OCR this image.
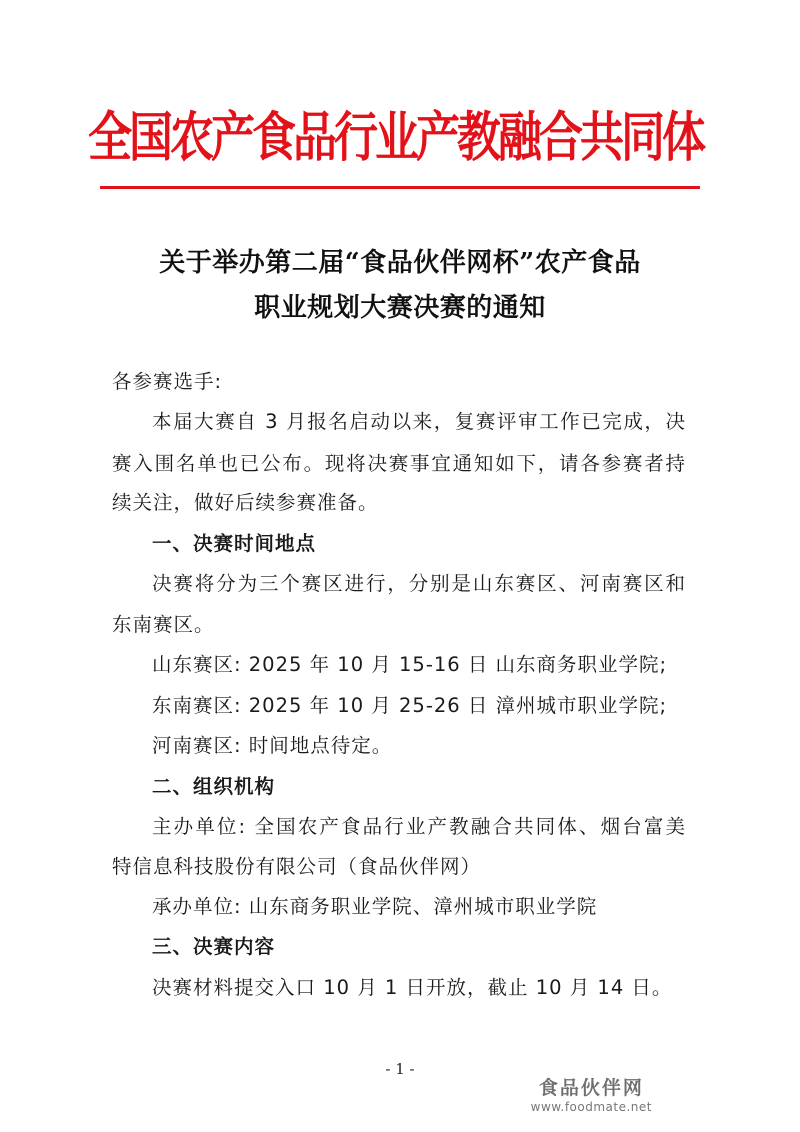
全国农产食品行业产教融合共同体
关于举办第二届“食品伙伴网杯”农产食品
职业规划大赛决赛的通知
各参赛选手:
本届大赛自 3 月报名启动以来，复赛评审工作已完成，决
赛入围名单也已公布。现将决赛事宜通知如下，请各参赛者持
续关注，做好后续参赛准备。
一、决赛时间地点
决赛将分为三个赛区进行，分别是山东赛区、河南赛区和
东南赛区。
山东赛区: 2025 年 10 月 15-16 日 山东商务职业学院;
东南赛区: 2025 年 10 月 25-26 日 漳州城市职业学院;
河南赛区: 时间地点待定。
二、组织机构
主办单位: 全国农产食品行业产教融合共同体、烟台富美
特信息科技股份有限公司（食品伙伴网）
承办单位: 山东商务职业学院、漳州城市职业学院
三、决赛内容
决赛材料提交入口 10 月 1 日开放，截止 10 月 14 日。
- 1 -
食品伙伴网
www.foodmate.net
